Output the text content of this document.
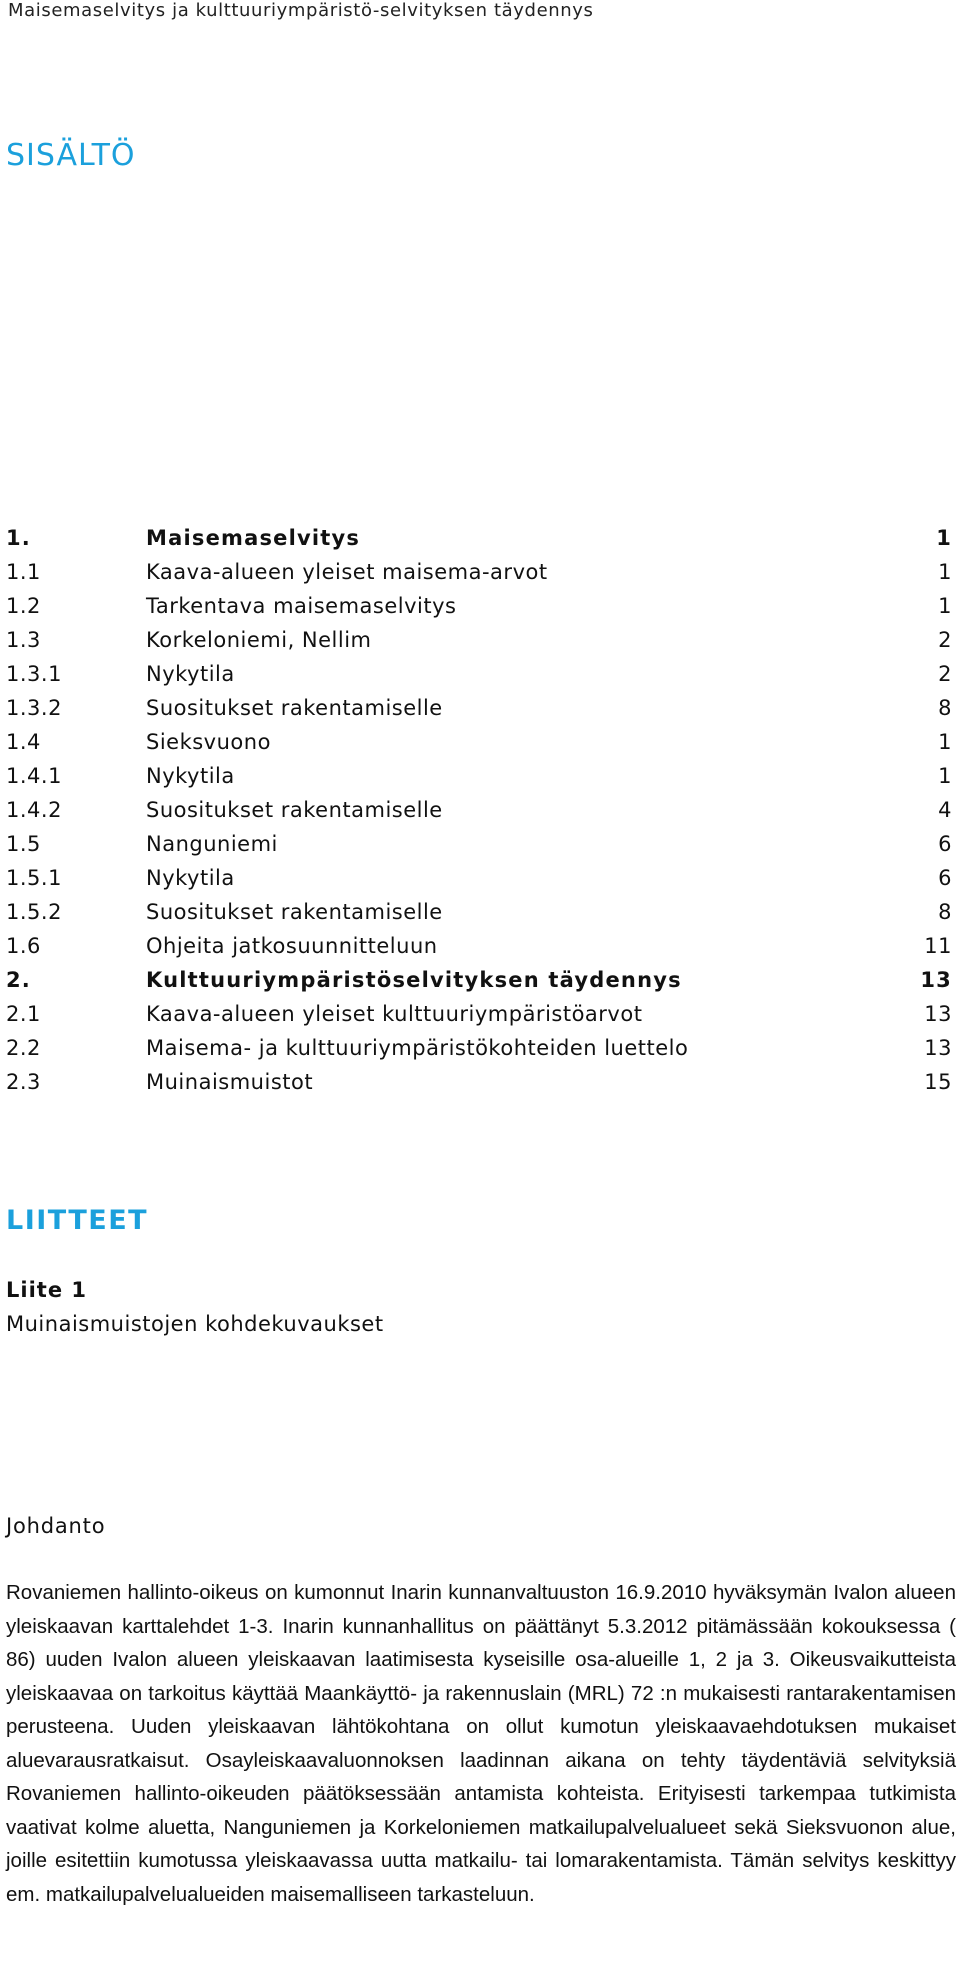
Maisemaselvitys ja kulttuuriympäristö-selvityksen täydennys
SISÄLTÖ
1.	Maisemaselvitys	1
1.1	Kaava-alueen yleiset maisema-arvot	1
1.2	Tarkentava maisemaselvitys	1
1.3	Korkeloniemi, Nellim	2
1.3.1	Nykytila	2
1.3.2	Suositukset rakentamiselle	8
1.4	Sieksvuono	1
1.4.1	Nykytila	1
1.4.2	Suositukset rakentamiselle	4
1.5	Nanguniemi	6
1.5.1	Nykytila	6
1.5.2	Suositukset rakentamiselle	8
1.6	Ohjeita jatkosuunnitteluun	11
2.	Kulttuuriympäristöselvityksen täydennys	13
2.1	Kaava-alueen yleiset kulttuuriympäristöarvot	13
2.2	Maisema- ja kulttuuriympäristökohteiden luettelo	13
2.3	Muinaismuistot	15
LIITTEET
Liite 1
Muinaismuistojen kohdekuvaukset
Johdanto

Rovaniemen hallinto-oikeus on kumonnut Inarin kunnanvaltuuston 16.9.2010 hyväksymän Ivalon alueen yleiskaavan karttalehdet 1-3. Inarin kunnanhallitus on päättänyt 5.3.2012 pitämässään kokouksessa ( 86) uuden Ivalon alueen yleiskaavan laatimisesta kyseisille osa-alueille 1, 2 ja 3. Oikeusvaikutteista yleiskaavaa on tarkoitus käyttää Maankäyttö- ja rakennuslain (MRL) 72 :n mukaisesti rantarakentamisen perusteena. Uuden yleiskaavan lähtökohtana on ollut kumotun yleiskaavaehdotuksen mukaiset aluevarausratkaisut. Osayleiskaavaluonnoksen laadinnan aikana on tehty täydentäviä selvityksiä Rovaniemen hallinto-oikeuden päätöksessään antamista kohteista. Erityisesti tarkempaa tutkimista vaativat kolme aluetta, Nanguniemen ja Korkeloniemen matkailupalvelualueet sekä Sieksvuonon alue, joille esitettiin kumotussa yleiskaavassa uutta matkailu- tai lomarakentamista. Tämän selvitys keskittyy em. matkailupalvelualueiden maisemalliseen tarkasteluun.
